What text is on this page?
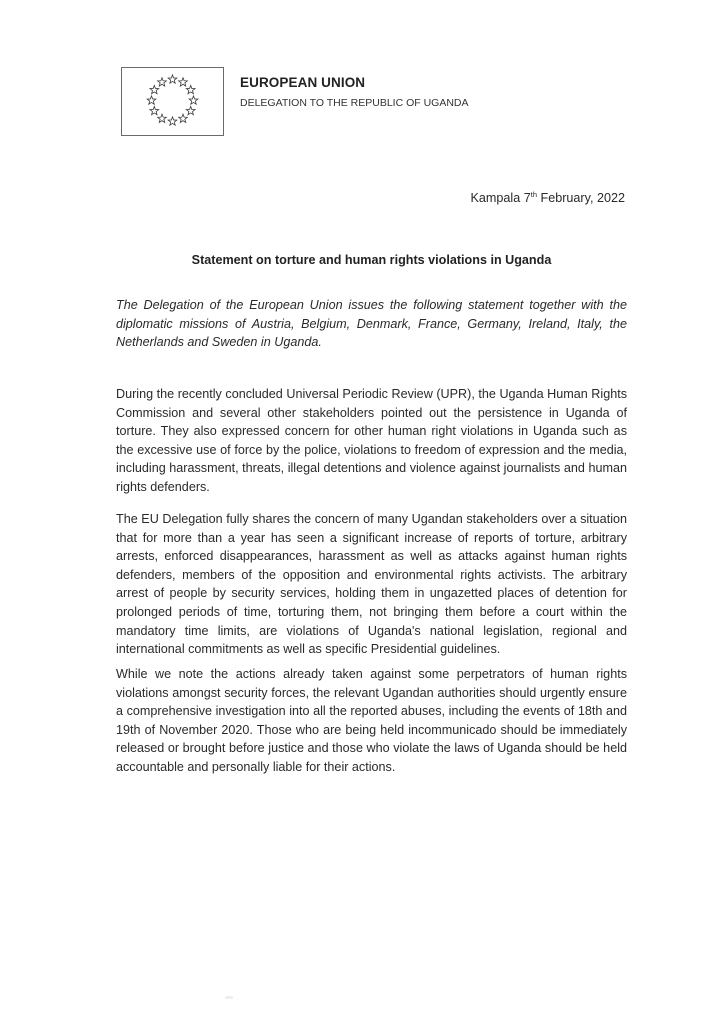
EUROPEAN UNION
DELEGATION TO THE REPUBLIC OF UGANDA
Kampala 7th February, 2022
Statement on torture and human rights violations in Uganda

The Delegation of the European Union issues the following statement together with the diplomatic missions of Austria, Belgium, Denmark, France, Germany, Ireland, Italy, the Netherlands and Sweden in Uganda.

During the recently concluded Universal Periodic Review (UPR), the Uganda Human Rights Commission and several other stakeholders pointed out the persistence in Uganda of torture. They also expressed concern for other human right violations in Uganda such as the excessive use of force by the police, violations to freedom of expression and the media, including harassment, threats, illegal detentions and violence against journalists and human rights defenders.

The EU Delegation fully shares the concern of many Ugandan stakeholders over a situation that for more than a year has seen a significant increase of reports of torture, arbitrary arrests, enforced disappearances, harassment as well as attacks against human rights defenders, members of the opposition and environmental rights activists. The arbitrary arrest of people by security services, holding them in ungazetted places of detention for prolonged periods of time, torturing them, not bringing them before a court within the mandatory time limits, are violations of Uganda's national legislation, regional and international commitments as well as specific Presidential guidelines.

While we note the actions already taken against some perpetrators of human rights violations amongst security forces, the relevant Ugandan authorities should urgently ensure a comprehensive investigation into all the reported abuses, including the events of 18th and 19th of November 2020. Those who are being held incommunicado should be immediately released or brought before justice and those who violate the laws of Uganda should be held accountable and personally liable for their actions.
